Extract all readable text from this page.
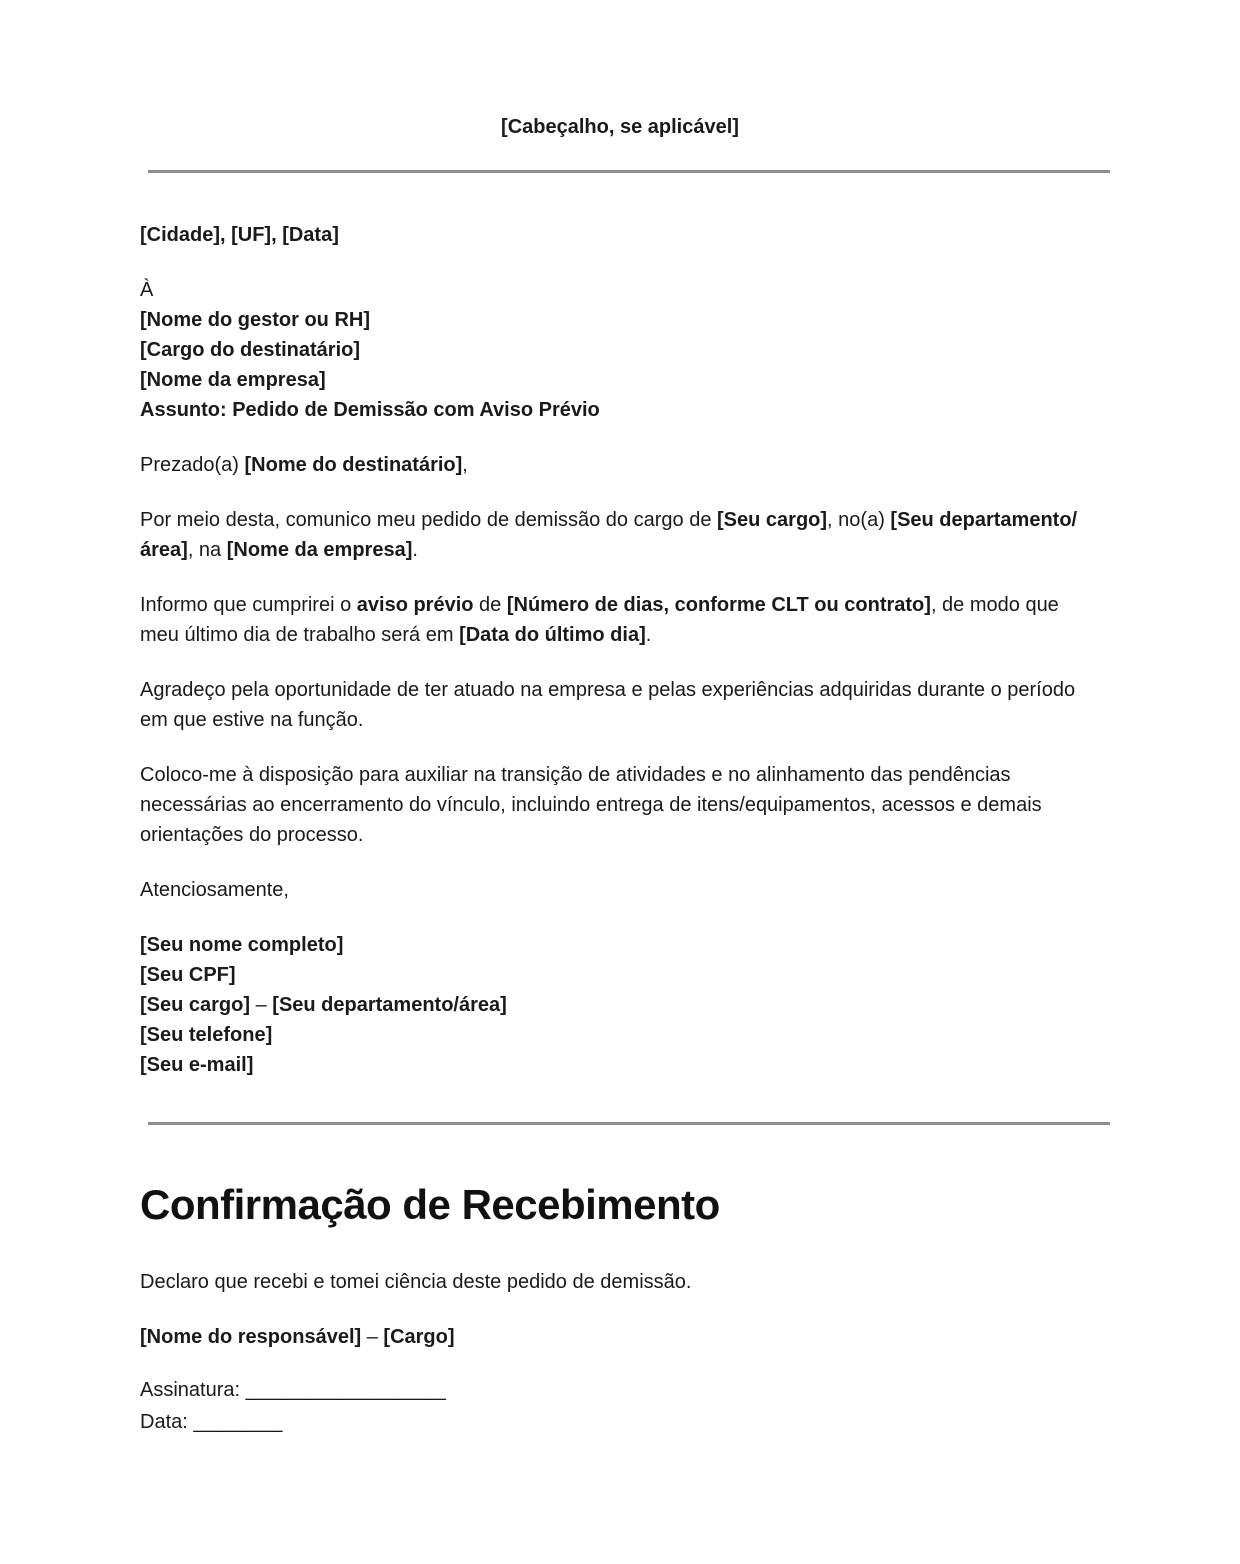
[Cabeçalho, se aplicável]

[Cidade], [UF], [Data]

À
[Nome do gestor ou RH]
[Cargo do destinatário]
[Nome da empresa]

Assunto: Pedido de Demissão com Aviso Prévio

Prezado(a) [Nome do destinatário],

Por meio desta, comunico meu pedido de demissão do cargo de [Seu cargo], no(a) [Seu departamento/área], na [Nome da empresa].

Informo que cumprirei o aviso prévio de [Número de dias, conforme CLT ou contrato], de modo que meu último dia de trabalho será em [Data do último dia].

Agradeço pela oportunidade de ter atuado na empresa e pelas experiências adquiridas durante o período em que estive na função.

Coloco-me à disposição para auxiliar na transição de atividades e no alinhamento das pendências necessárias ao encerramento do vínculo, incluindo entrega de itens/equipamentos, acessos e demais orientações do processo.

Atenciosamente,

[Seu nome completo]
[Seu CPF]
[Seu cargo] – [Seu departamento/área]
[Seu telefone]
[Seu e-mail]
Confirmação de Recebimento

Declaro que recebi e tomei ciência deste pedido de demissão.

[Nome do responsável] – [Cargo]

Assinatura: __________________
Data: ________
